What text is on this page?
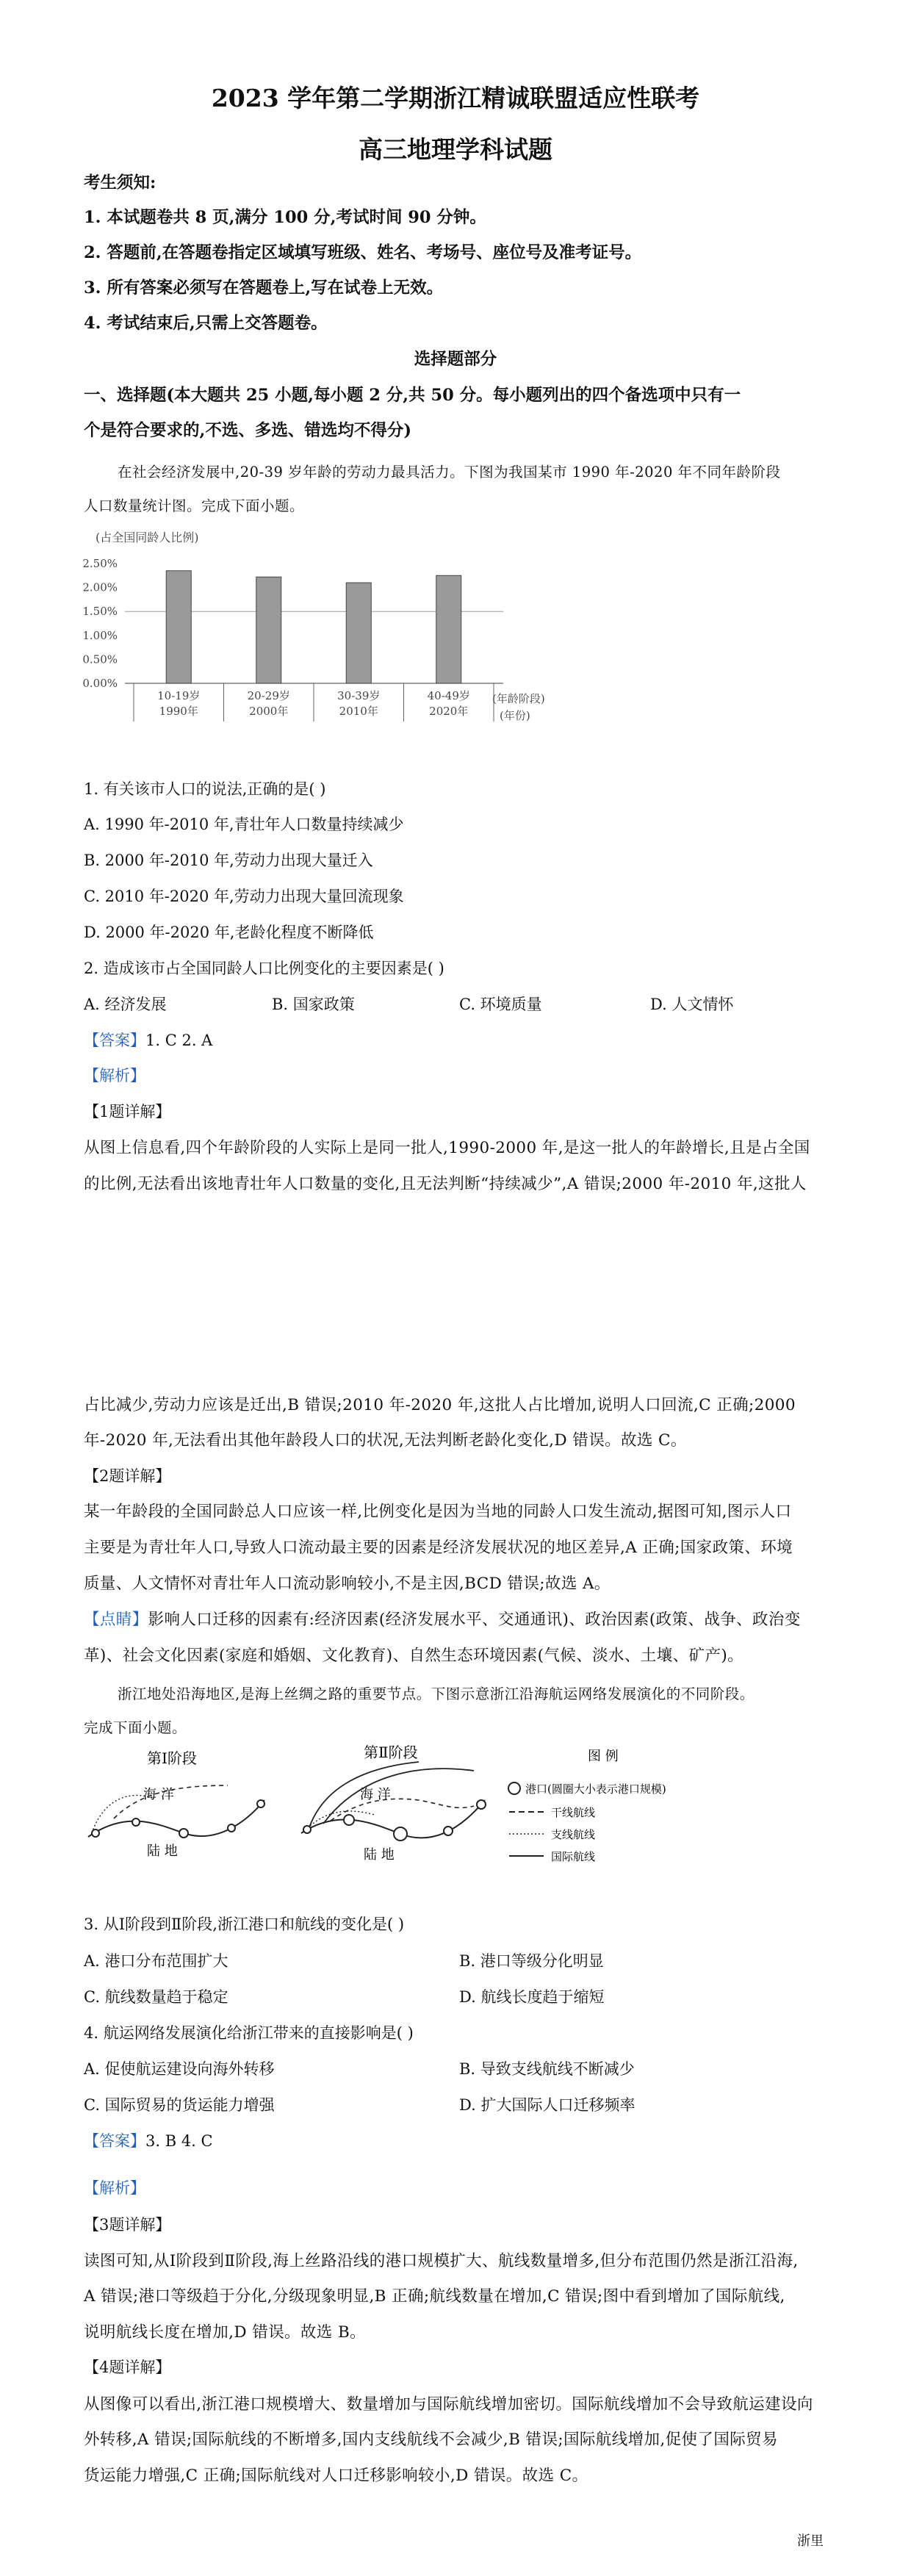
2023 学年第二学期浙江精诚联盟适应性联考
高三地理学科试题
考生须知:
1. 本试题卷共 8 页,满分 100 分,考试时间 90 分钟。
2. 答题前,在答题卷指定区域填写班级、姓名、考场号、座位号及准考证号。
3. 所有答案必须写在答题卷上,写在试卷上无效。
4. 考试结束后,只需上交答题卷。
选择题部分
一、选择题(本大题共 25 小题,每小题 2 分,共 50 分。每小题列出的四个备选项中只有一
个是符合要求的,不选、多选、错选均不得分)
在社会经济发展中,20-39 岁年龄的劳动力最具活力。下图为我国某市 1990 年-2020 年不同年龄阶段
人口数量统计图。完成下面小题。
(占全国同龄人比例)
0.00%
0.50%
1.00%
1.50%
2.00%
2.50%
10-19岁
1990年
20-29岁
2000年
30-39岁
2010年
40-49岁
2020年
(年龄阶段)
(年份)
1. 有关该市人口的说法,正确的是( )
A. 1990 年-2010 年,青壮年人口数量持续减少
B. 2000 年-2010 年,劳动力出现大量迁入
C. 2010 年-2020 年,劳动力出现大量回流现象
D. 2000 年-2020 年,老龄化程度不断降低
2. 造成该市占全国同龄人口比例变化的主要因素是( )
A. 经济发展	B. 国家政策	C. 环境质量	D. 人文情怀
【答案】1. C 2. A
【解析】
【1题详解】
从图上信息看,四个年龄阶段的人实际上是同一批人,1990-2000 年,是这一批人的年龄增长,且是占全国
的比例,无法看出该地青壮年人口数量的变化,且无法判断“持续减少”,A 错误;2000 年-2010 年,这批人
占比减少,劳动力应该是迁出,B 错误;2010 年-2020 年,这批人占比增加,说明人口回流,C 正确;2000
年-2020 年,无法看出其他年龄段人口的状况,无法判断老龄化变化,D 错误。故选 C。
【2题详解】
某一年龄段的全国同龄总人口应该一样,比例变化是因为当地的同龄人口发生流动,据图可知,图示人口
主要是为青壮年人口,导致人口流动最主要的因素是经济发展状况的地区差异,A 正确;国家政策、环境
质量、人文情怀对青壮年人口流动影响较小,不是主因,BCD 错误;故选 A。
【点睛】影响人口迁移的因素有:经济因素(经济发展水平、交通通讯)、政治因素(政策、战争、政治变
革)、社会文化因素(家庭和婚姻、文化教育)、自然生态环境因素(气候、淡水、土壤、矿产)。
浙江地处沿海地区,是海上丝绸之路的重要节点。下图示意浙江沿海航运网络发展演化的不同阶段。
完成下面小题。
第Ⅰ阶段
海 洋
陆 地
第Ⅱ阶段
海 洋
陆 地
图 例
港口(圆圈大小表示港口规模)
干线航线
支线航线
国际航线
3. 从Ⅰ阶段到Ⅱ阶段,浙江港口和航线的变化是( )
A. 港口分布范围扩大	B. 港口等级分化明显
C. 航线数量趋于稳定	D. 航线长度趋于缩短
4. 航运网络发展演化给浙江带来的直接影响是( )
A. 促使航运建设向海外转移	B. 导致支线航线不断减少
C. 国际贸易的货运能力增强	D. 扩大国际人口迁移频率
【答案】3. B 4. C
【解析】
【3题详解】
读图可知,从Ⅰ阶段到Ⅱ阶段,海上丝路沿线的港口规模扩大、航线数量增多,但分布范围仍然是浙江沿海,
A 错误;港口等级趋于分化,分级现象明显,B 正确;航线数量在增加,C 错误;图中看到增加了国际航线,
说明航线长度在增加,D 错误。故选 B。
【4题详解】
从图像可以看出,浙江港口规模增大、数量增加与国际航线增加密切。国际航线增加不会导致航运建设向
外转移,A 错误;国际航线的不断增多,国内支线航线不会减少,B 错误;国际航线增加,促使了国际贸易
货运能力增强,C 正确;国际航线对人口迁移影响较小,D 错误。故选 C。
浙里
